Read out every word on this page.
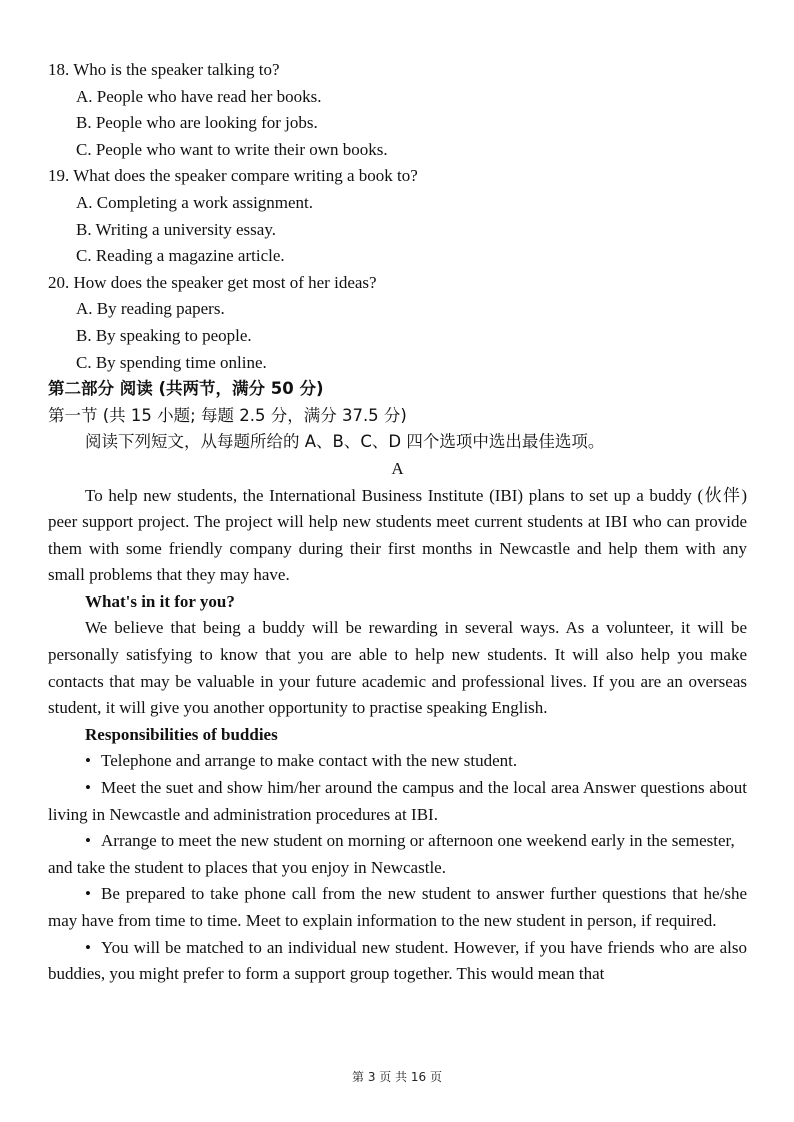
18. Who is the speaker talking to?
A. People who have read her books.
B. People who are looking for jobs.
C. People who want to write their own books.
19. What does the speaker compare writing a book to?
A. Completing a work assignment.
B. Writing a university essay.
C. Reading a magazine article.
20. How does the speaker get most of her ideas?
A. By reading papers.
B. By speaking to people.
C. By spending time online.
第二部分 阅读 (共两节，满分 50 分)
第一节 (共 15 小题; 每题 2.5 分，满分 37.5 分)
阅读下列短文，从每题所给的 A、B、C、D 四个选项中选出最佳选项。
A

To help new students, the International Business Institute (IBI) plans to set up a buddy (伙伴) peer support project. The project will help new students meet current students at IBI who can provide them with some friendly company during their first months in Newcastle and help them with any small problems that they may have.

What's in it for you?

We believe that being a buddy will be rewarding in several ways. As a volunteer, it will be personally satisfying to know that you are able to help new students. It will also help you make contacts that may be valuable in your future academic and professional lives. If you are an overseas student, it will give you another opportunity to practise speaking English.

Responsibilities of buddies

• Telephone and arrange to make contact with the new student.

• Meet the suet and show him/her around the campus and the local area Answer questions about living in Newcastle and administration procedures at IBI.

• Arrange to meet the new student on morning or afternoon one weekend early in the semester,

and take the student to places that you enjoy in Newcastle.

• Be prepared to take phone call from the new student to answer further questions that he/she may have from time to time. Meet to explain information to the new student in person, if required.

• You will be matched to an individual new student. However, if you have friends who are also buddies, you might prefer to form a support group together. This would mean that

第 3 页 共 16 页
